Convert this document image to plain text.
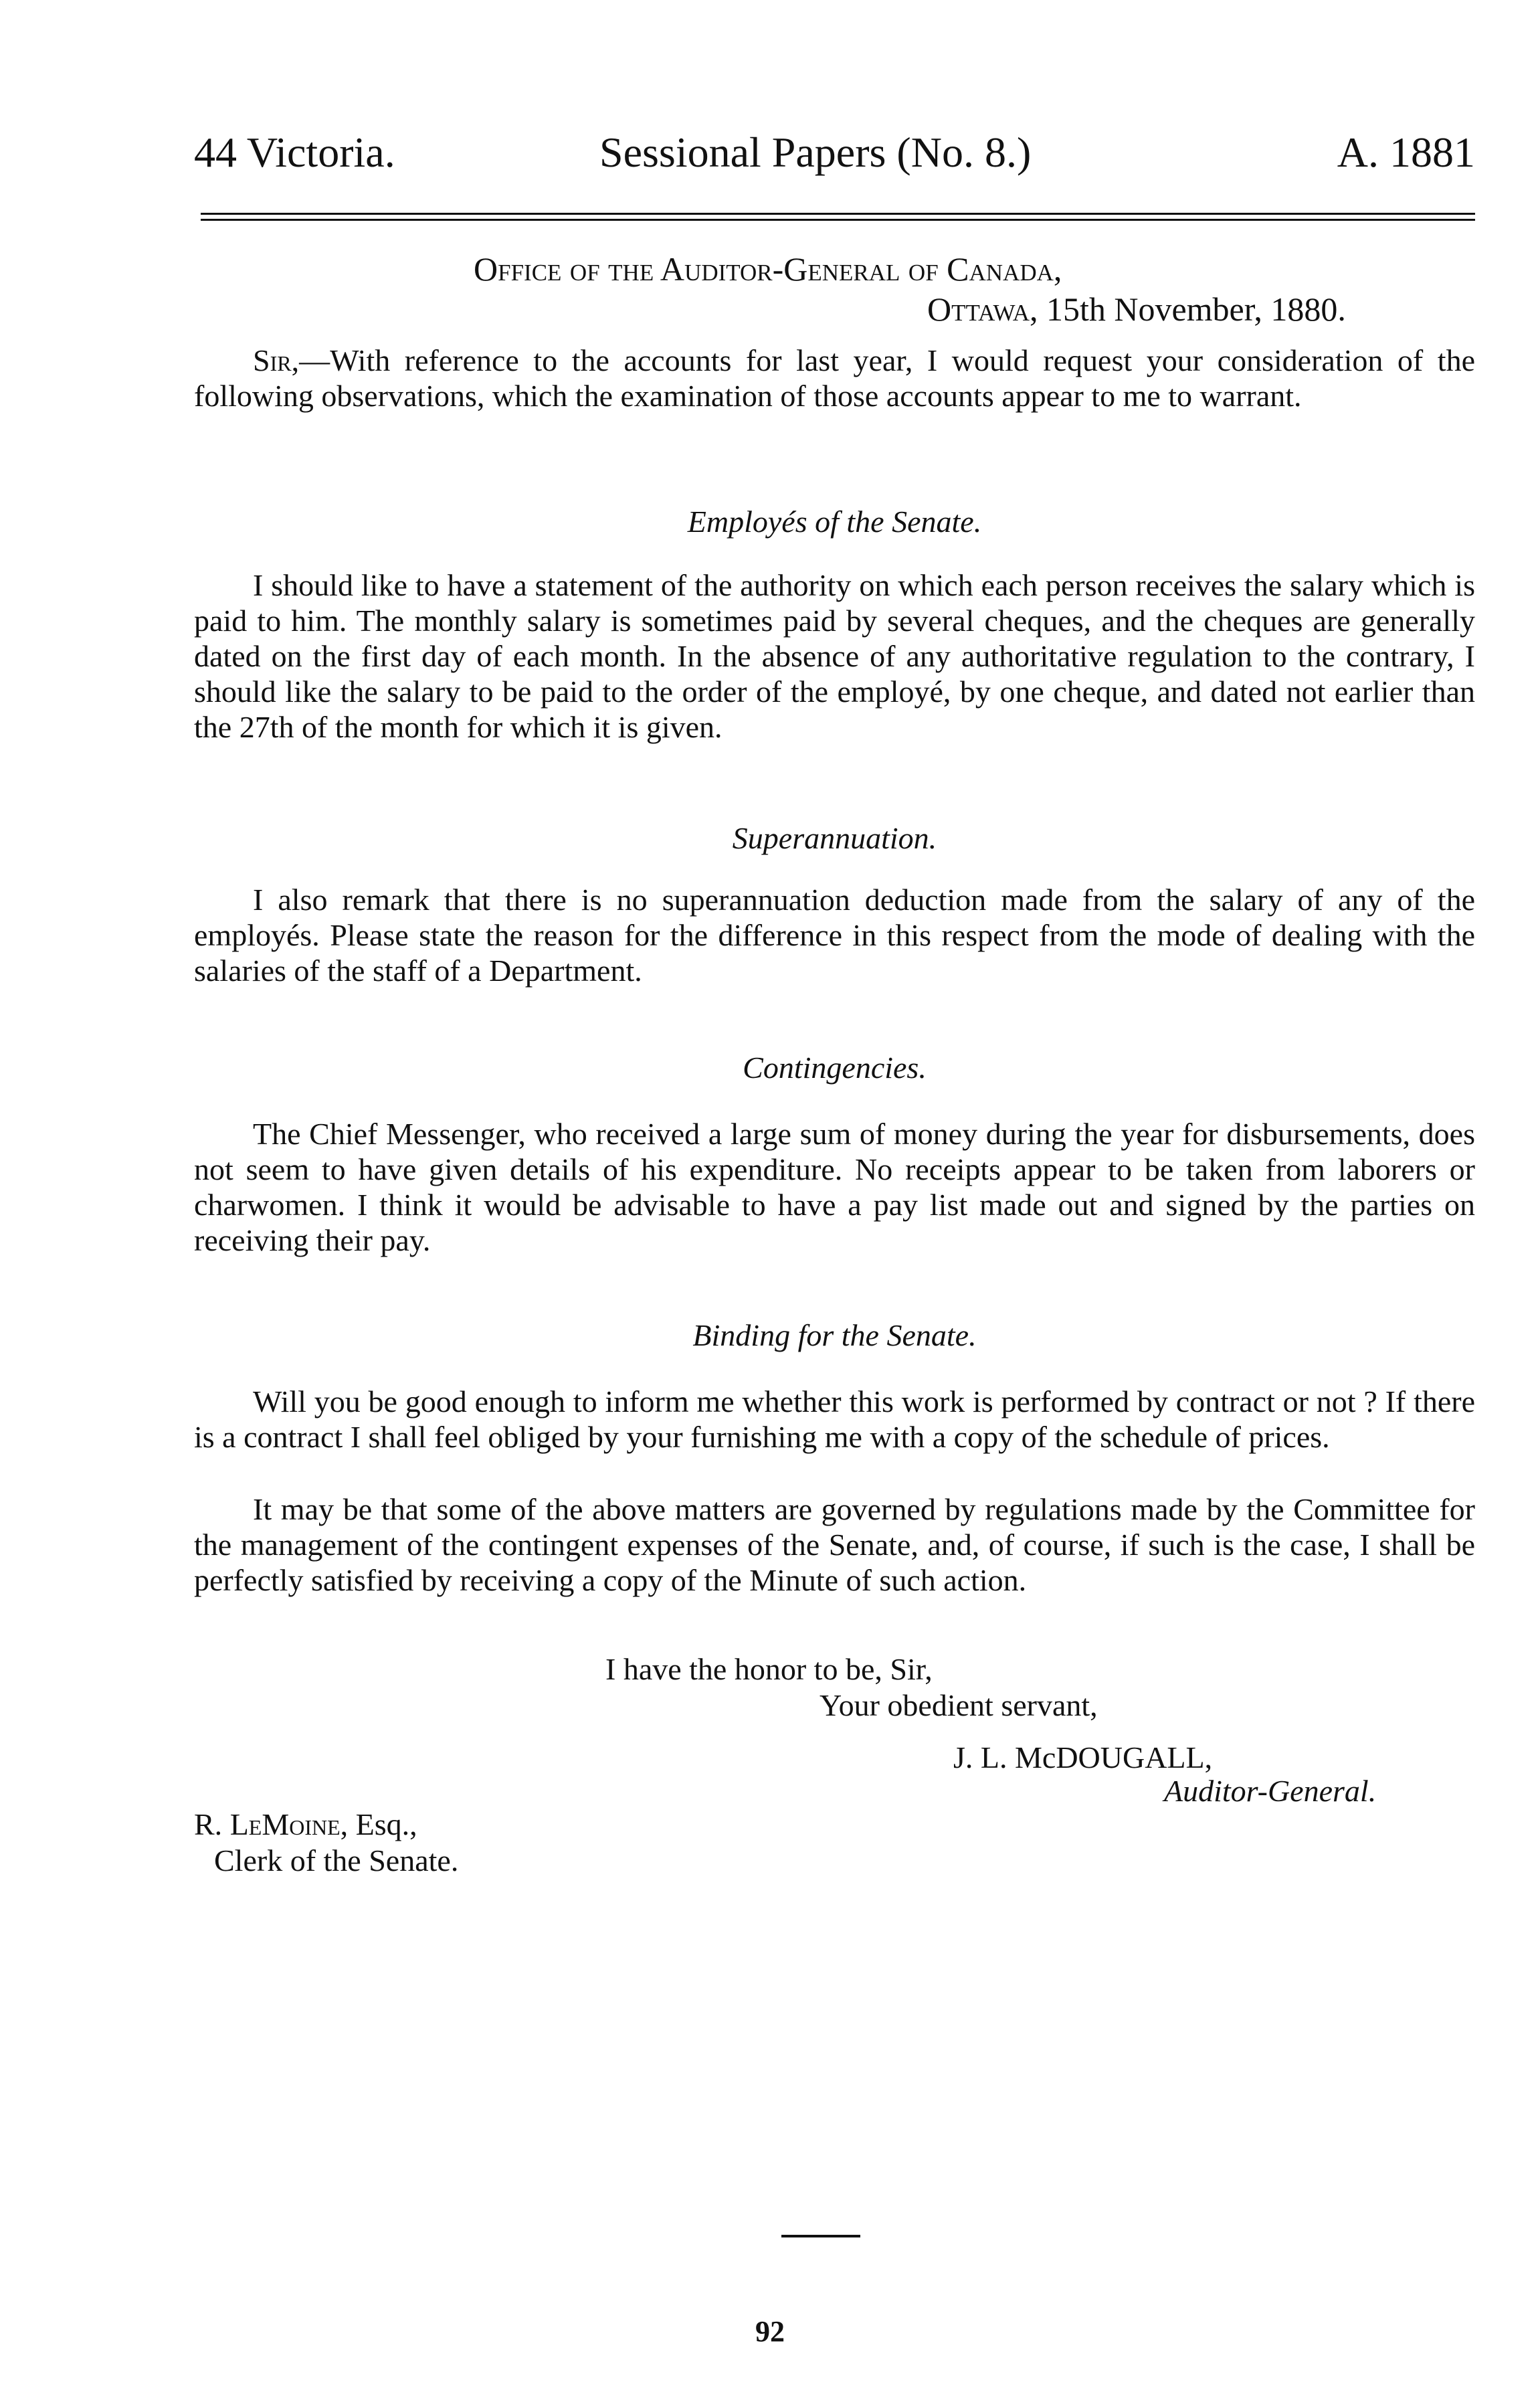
44 Victoria.	Sessional Papers (No. 8.)	A. 1881
Office of the Auditor-General of Canada,
Ottawa, 15th November, 1880.

Sir,—With reference to the accounts for last year, I would request your consideration of the following observations, which the examination of those accounts appear to me to warrant.

Employés of the Senate.

I should like to have a statement of the authority on which each person receives the salary which is paid to him. The monthly salary is sometimes paid by several cheques, and the cheques are generally dated on the first day of each month. In the absence of any authoritative regulation to the contrary, I should like the salary to be paid to the order of the employé, by one cheque, and dated not earlier than the 27th of the month for which it is given.

Superannuation.

I also remark that there is no superannuation deduction made from the salary of any of the employés. Please state the reason for the difference in this respect from the mode of dealing with the salaries of the staff of a Department.

Contingencies.

The Chief Messenger, who received a large sum of money during the year for disbursements, does not seem to have given details of his expenditure. No receipts appear to be taken from laborers or charwomen. I think it would be advisable to have a pay list made out and signed by the parties on receiving their pay.

Binding for the Senate.

Will you be good enough to inform me whether this work is performed by contract or not ? If there is a contract I shall feel obliged by your furnishing me with a copy of the schedule of prices.

It may be that some of the above matters are governed by regulations made by the Committee for the management of the contingent expenses of the Senate, and, of course, if such is the case, I shall be perfectly satisfied by receiving a copy of the Minute of such action.

I have the honor to be, Sir,
Your obedient servant,
J. L. McDOUGALL,
Auditor-General.
R. LeMoine, Esq.,
Clerk of the Senate.
92
